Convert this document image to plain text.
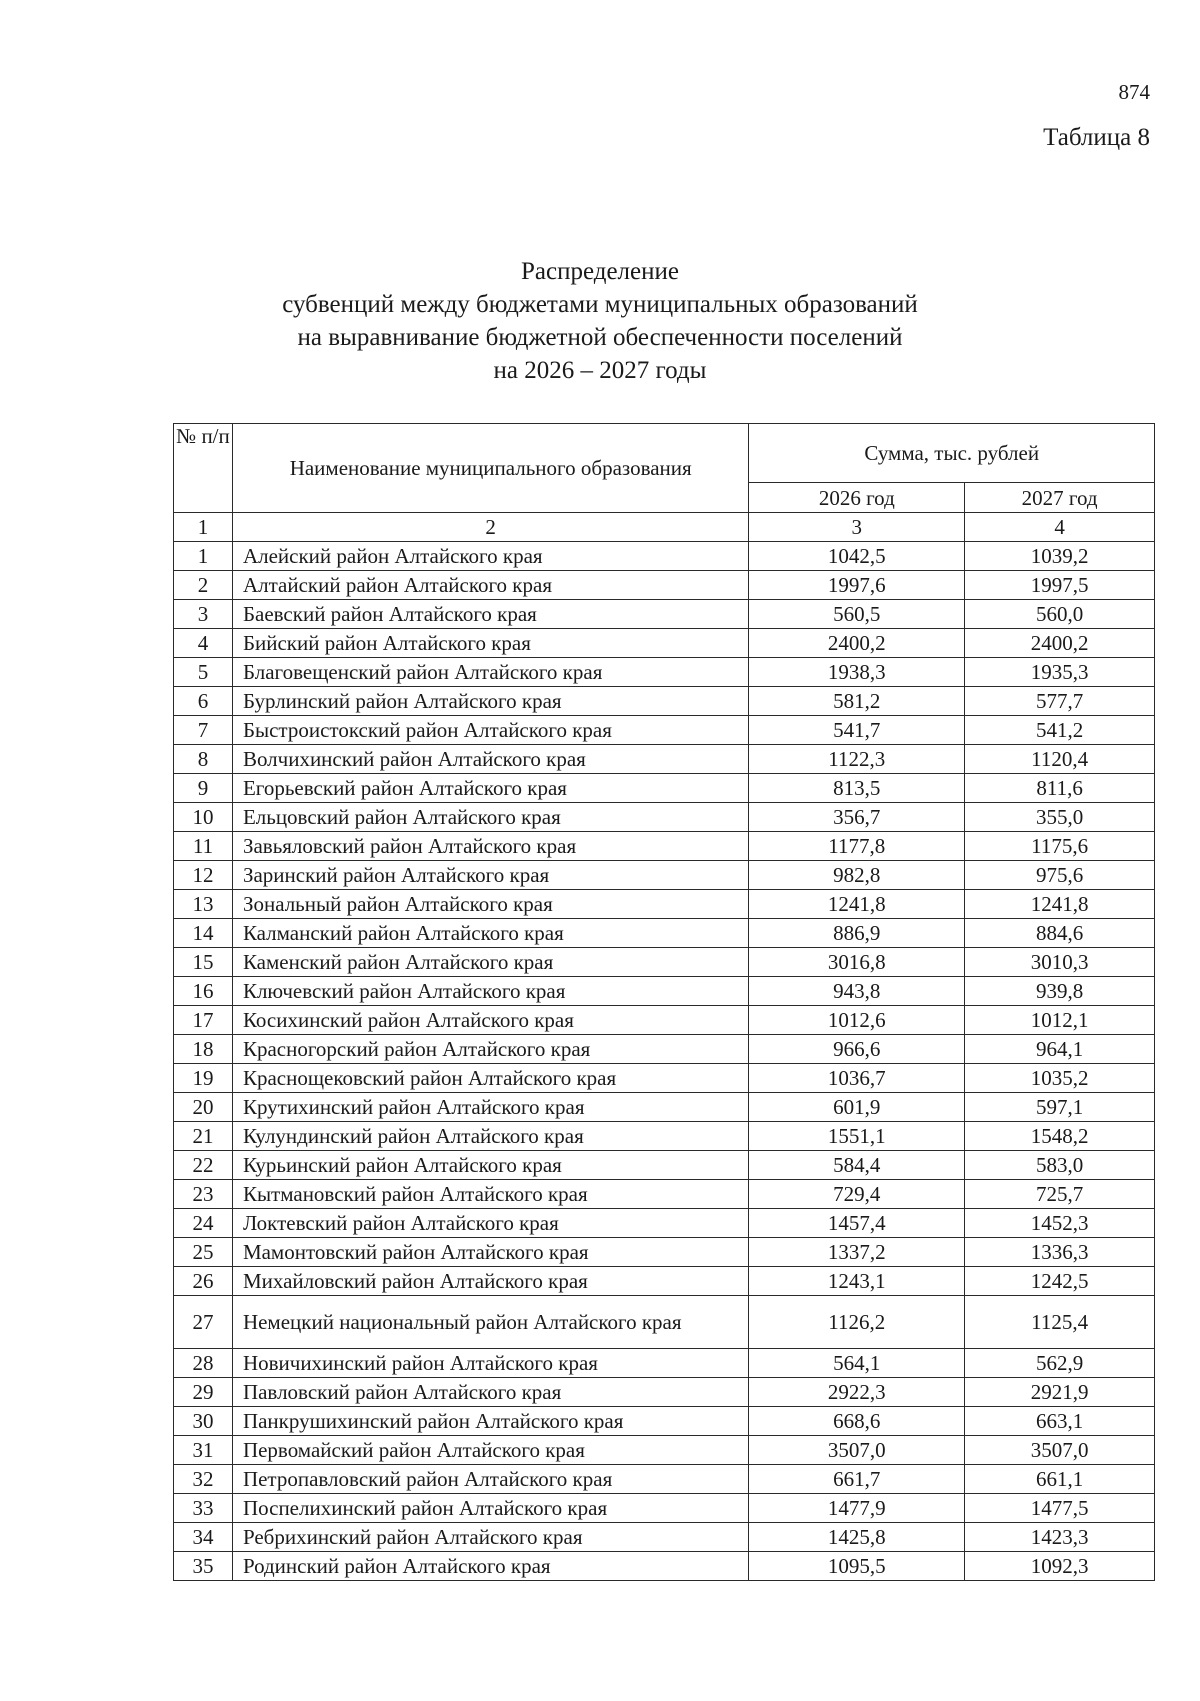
874
Таблица 8
Распределение
субвенций между бюджетами муниципальных образований
на выравнивание бюджетной обеспеченности поселений
на 2026 – 2027 годы
№ п/п	Наименование муниципального образования	Сумма, тыс. рублей	
		2026 год	2027 год
1	2	3	4
1	Алейский район Алтайского края	1042,5	1039,2
2	Алтайский район Алтайского края	1997,6	1997,5
3	Баевский район Алтайского края	560,5	560,0
4	Бийский район Алтайского края	2400,2	2400,2
5	Благовещенский район Алтайского края	1938,3	1935,3
6	Бурлинский район Алтайского края	581,2	577,7
7	Быстроистокский район Алтайского края	541,7	541,2
8	Волчихинский район Алтайского края	1122,3	1120,4
9	Егорьевский район Алтайского края	813,5	811,6
10	Ельцовский район Алтайского края	356,7	355,0
11	Завьяловский район Алтайского края	1177,8	1175,6
12	Заринский район Алтайского края	982,8	975,6
13	Зональный район Алтайского края	1241,8	1241,8
14	Калманский район Алтайского края	886,9	884,6
15	Каменский район Алтайского края	3016,8	3010,3
16	Ключевский район Алтайского края	943,8	939,8
17	Косихинский район Алтайского края	1012,6	1012,1
18	Красногорский район Алтайского края	966,6	964,1
19	Краснощековский район Алтайского края	1036,7	1035,2
20	Крутихинский район Алтайского края	601,9	597,1
21	Кулундинский район Алтайского края	1551,1	1548,2
22	Курьинский район Алтайского края	584,4	583,0
23	Кытмановский район Алтайского края	729,4	725,7
24	Локтевский район Алтайского края	1457,4	1452,3
25	Мамонтовский район Алтайского края	1337,2	1336,3
26	Михайловский район Алтайского края	1243,1	1242,5
27	Немецкий национальный район Алтайского края	1126,2	1125,4
28	Новичихинский район Алтайского края	564,1	562,9
29	Павловский район Алтайского края	2922,3	2921,9
30	Панкрушихинский район Алтайского края	668,6	663,1
31	Первомайский район Алтайского края	3507,0	3507,0
32	Петропавловский район Алтайского края	661,7	661,1
33	Поспелихинский район Алтайского края	1477,9	1477,5
34	Ребрихинский район Алтайского края	1425,8	1423,3
35	Родинский район Алтайского края	1095,5	1092,3
